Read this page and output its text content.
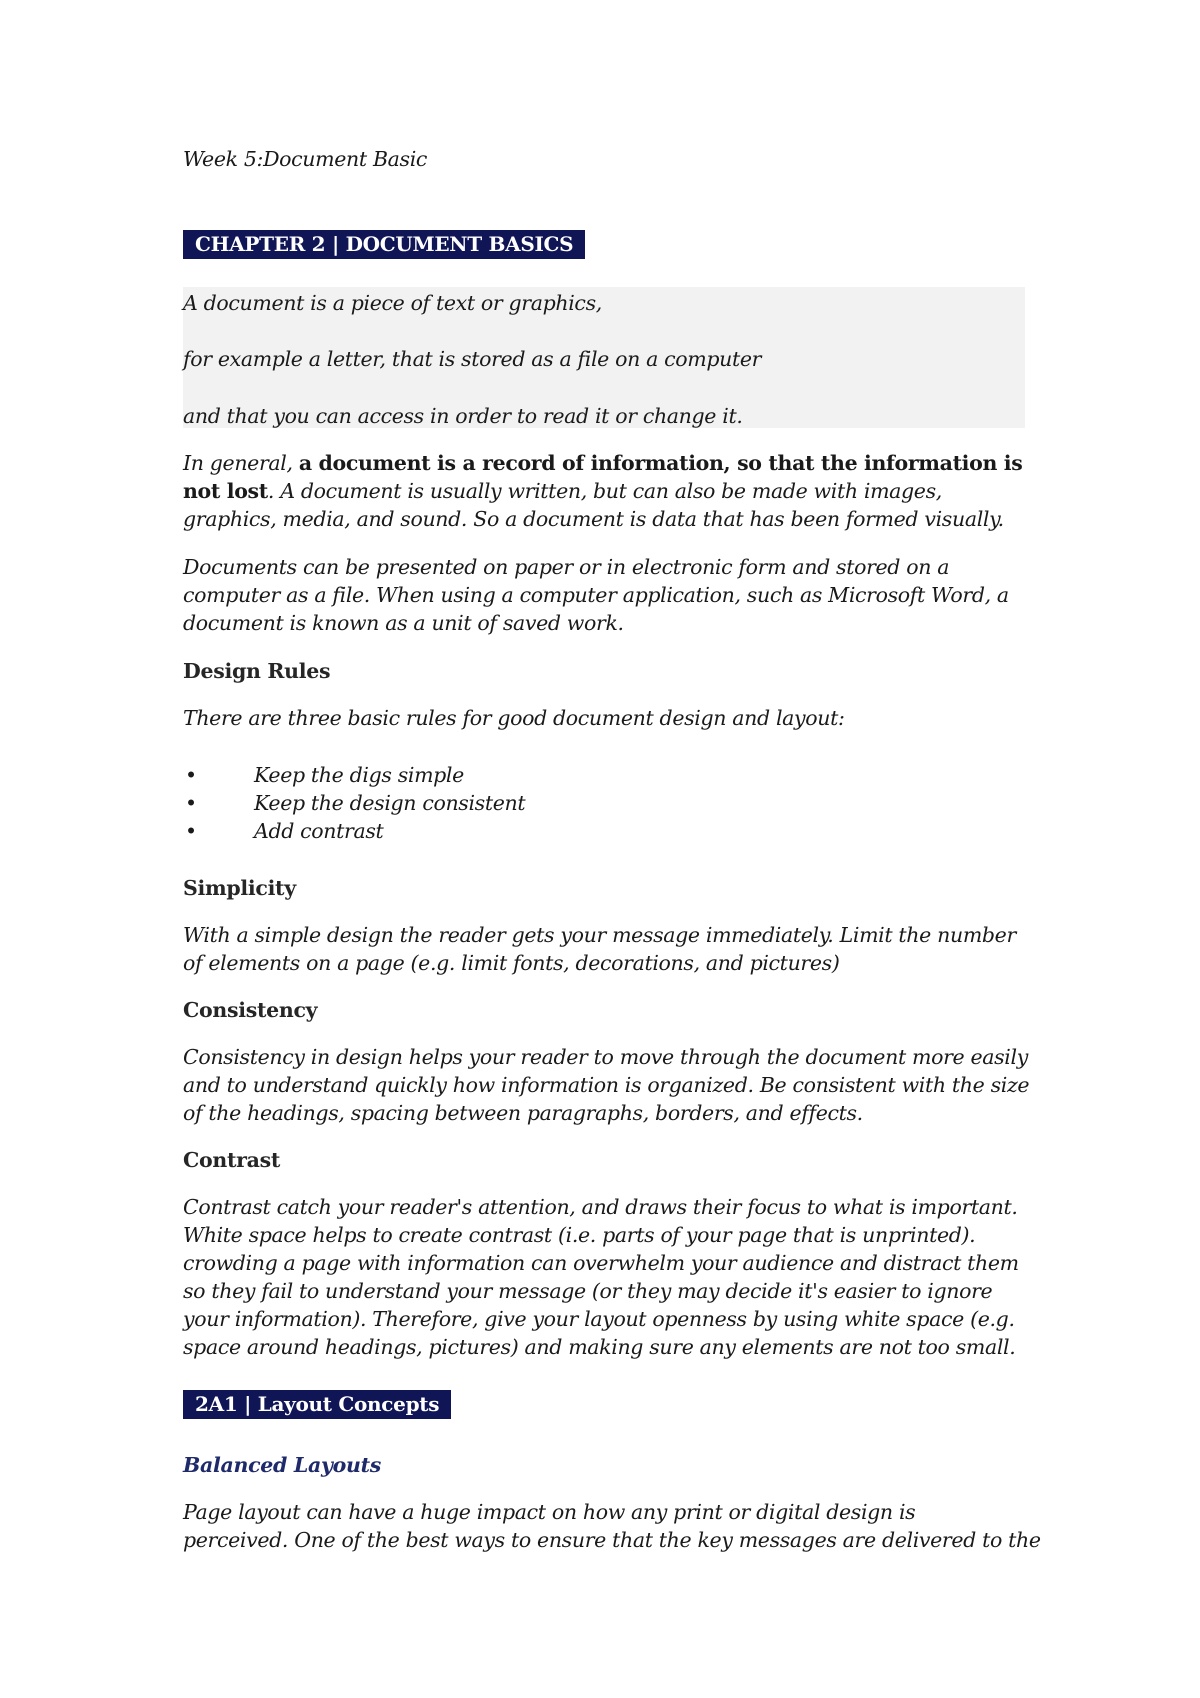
Week 5:Document Basic
CHAPTER 2 | DOCUMENT BASICS
A document is a piece of text or graphics,
for example a letter, that is stored as a file on a computer
and that you can access in order to read it or change it.
In general, a document is a record of information, so that the information is
not lost. A document is usually written, but can also be made with images,
graphics, media, and sound. So a document is data that has been formed visually.
Documents can be presented on paper or in electronic form and stored on a
computer as a file. When using a computer application, such as Microsoft Word, a
document is known as a unit of saved work.
Design Rules
There are three basic rules for good document design and layout:
•	Keep the digs simple
•	Keep the design consistent
•	Add contrast
Simplicity
With a simple design the reader gets your message immediately. Limit the number
of elements on a page (e.g. limit fonts, decorations, and pictures)
Consistency
Consistency in design helps your reader to move through the document more easily
and to understand quickly how information is organized. Be consistent with the size
of the headings, spacing between paragraphs, borders, and effects.
Contrast
Contrast catch your reader's attention, and draws their focus to what is important.
White space helps to create contrast (i.e. parts of your page that is unprinted).
crowding a page with information can overwhelm your audience and distract them
so they fail to understand your message (or they may decide it's easier to ignore
your information). Therefore, give your layout openness by using white space (e.g.
space around headings, pictures) and making sure any elements are not too small.
2A1 | Layout Concepts
Balanced Layouts
Page layout can have a huge impact on how any print or digital design is
perceived. One of the best ways to ensure that the key messages are delivered to the
